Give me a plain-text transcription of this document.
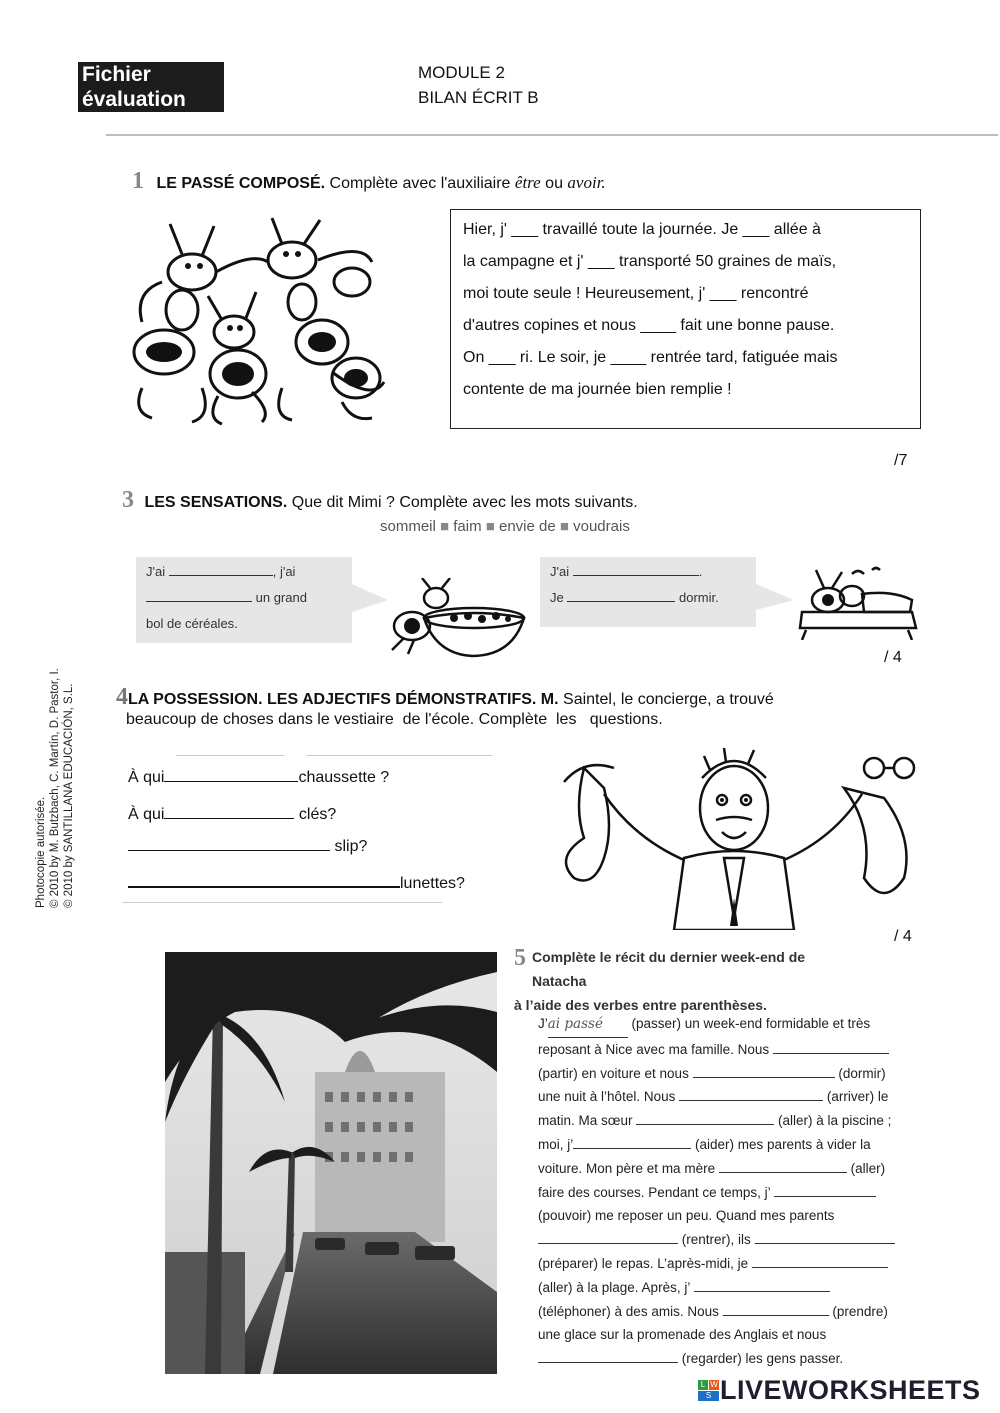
Fichier
évaluation
MODULE 2
BILAN ÉCRIT B
1 LE PASSÉ COMPOSÉ. Complète avec l'auxiliaire être ou avoir.
Hier, j' ___ travaillé toute la journée. Je ___ allée à
la campagne et j' ___ transporté 50 graines de maïs,
moi toute seule ! Heureusement, j' ___ rencontré
d'autres copines et nous ____ fait une bonne pause.
On ___ ri. Le soir, je ____ rentrée tard, fatiguée mais
contente de ma journée bien remplie !
/7
3 LES SENSATIONS. Que dit Mimi ? Complète avec les mots suivants.
sommeil ■ faim ■ envie de ■ voudrais
J'ai	, j'ai
un grand
bol de céréales.
J'ai	.
Je	dormir.
/ 4
4LA POSSESSION. LES ADJECTIFS DÉMONSTRATIFS. M. Saintel, le concierge, a trouvé
beaucoup de choses dans le vestiaire  de l'école. Complète  les   questions.
À qui	chaussette ?
À qui	clés?
slip?
lunettes?
/ 4
5 Complète le récit du dernier week-end de Natacha
à l’aide des verbes entre parenthèses.
J’ai passé (passer) un week-end formidable et très
reposant à Nice avec ma famille. Nous
(partir) en voiture et nous	(dormir)
une nuit à l’hôtel. Nous	(arriver) le
matin. Ma sœur	(aller) à la piscine ;
moi, j’	(aider) mes parents à vider la
voiture. Mon père et ma mère	(aller)
faire des courses. Pendant ce temps, j’
(pouvoir) me reposer un peu. Quand mes parents
(rentrer), ils
(préparer) le repas. L’après-midi, je
(aller) à la plage. Après, j’
(téléphoner) à des amis. Nous	(prendre)
une glace sur la promenade des Anglais et nous
(regarder) les gens passer.
Photocopie autorisée. © 2010 by M. Butzbach, C. Martín, D. Pastor, I. © 2010 by SANTILLANA EDUCACIÓN, S.L.
L W
S LIVEWORKSHEETS
